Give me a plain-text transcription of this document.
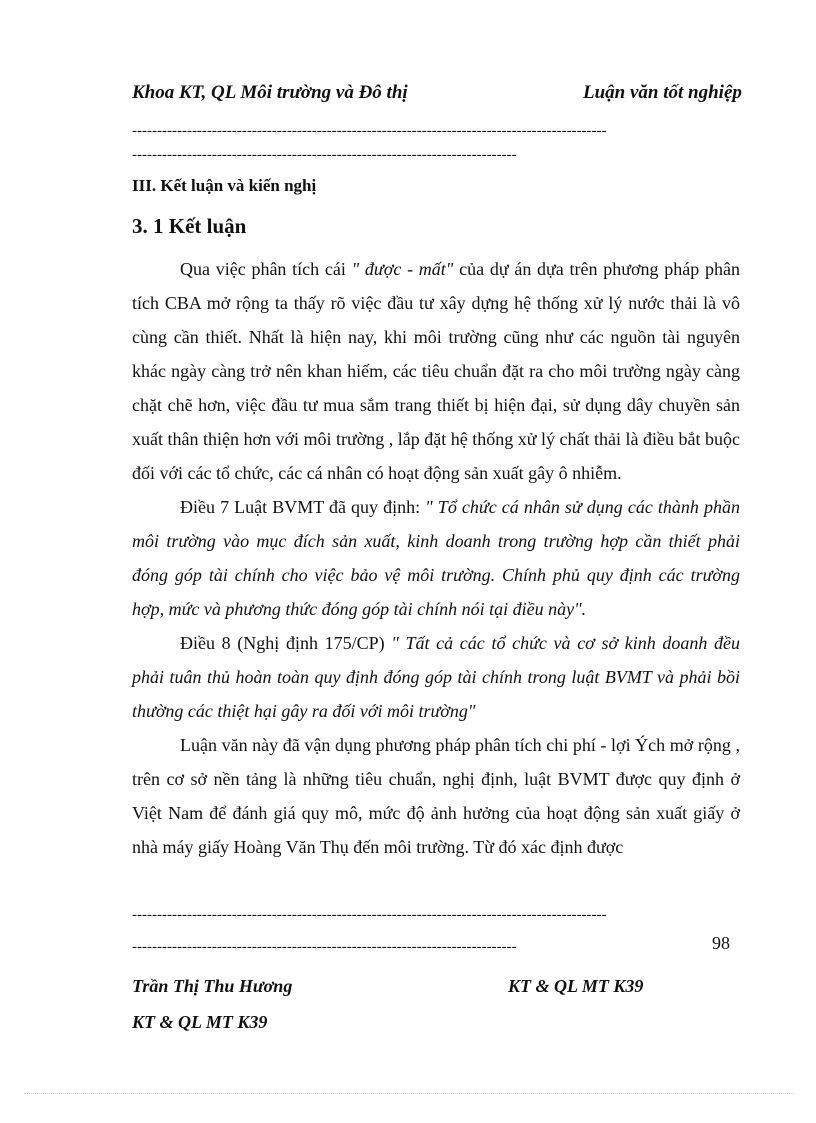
Khoa KT, QL Môi trường và Đô thị	Luận văn tốt nghiệp
-----------------------------------------------------------------------------------------------
-----------------------------------------------------------------------------
III. Kết luận và kiến nghị
3. 1 Kết luận

Qua việc phân tích cái " được - mất" của dự án dựa trên phương pháp phân tích CBA mở rộng ta thấy rõ việc đầu tư xây dựng hệ thống xử lý nước thải là vô cùng cần thiết. Nhất là hiện nay, khi môi trường cũng như các nguồn tài nguyên khác ngày càng trở nên khan hiếm, các tiêu chuẩn đặt ra cho môi trường ngày càng chặt chẽ hơn, việc đầu tư mua sắm trang thiết bị hiện đại, sử dụng dây chuyền sản xuất thân thiện hơn với môi trường , lắp đặt hệ thống xử lý chất thải là điều bắt buộc đối với các tổ chức, các cá nhân có hoạt động sản xuất gây ô nhiễm.

Điều 7 Luật BVMT đã quy định: " Tổ chức cá nhân sử dụng các thành phần môi trường vào mục đích sản xuất, kinh doanh trong trường hợp cần thiết phải đóng góp tài chính cho việc bảo vệ môi trường. Chính phủ quy định các trường hợp, mức và phương thức đóng góp tài chính nói tại điều này".

Điều 8 (Nghị định 175/CP) " Tất cả các tổ chức và cơ sở kinh doanh đều phải tuân thủ hoàn toàn quy định đóng góp tài chính trong luật BVMT và phải bồi thường các thiệt hại gây ra đối với môi trường"

Luận văn này đã vận dụng phương pháp phân tích chi phí - lợi Ých mở rộng , trên cơ sở nền tảng là những tiêu chuẩn, nghị định, luật BVMT được quy định ở Việt Nam để đánh giá quy mô, mức độ ảnh hưởng của hoạt động sản xuất giấy ở nhà máy giấy Hoàng Văn Thụ đến môi trường. Từ đó xác định được

-----------------------------------------------------------------------------------------------
-----------------------------------------------------------------------------	98
Trần Thị Thu Hương	KT & QL MT K39
KT & QL MT K39
